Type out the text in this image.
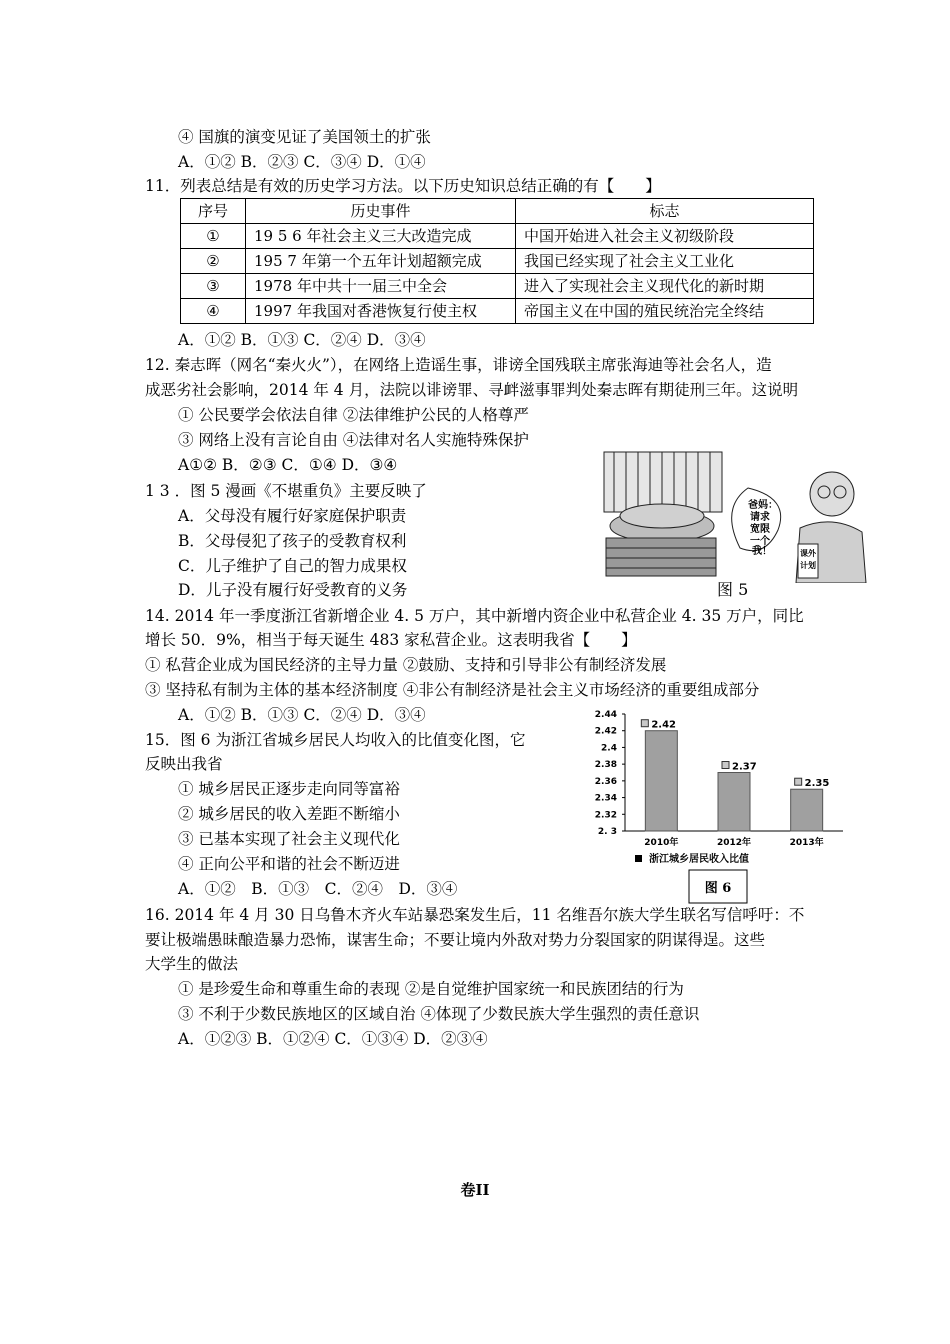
④ 国旗的演变见证了美国领土的扩张
A．①② B．②③ C．③④ D．①④
11．列表总结是有效的历史学习方法。以下历史知识总结正确的有【　　】
序号	历史事件	标志
①	19 5 6 年社会主义三大改造完成	中国开始进入社会主义初级阶段
②	195 7 年第一个五年计划超额完成	我国已经实现了社会主义工业化
③	1978 年中共十一届三中全会	进入了实现社会主义现代化的新时期
④	1997 年我国对香港恢复行使主权	帝国主义在中国的殖民统治完全终结
A．①② B．①③ C．②④ D．③④
12. 秦志晖（网名“秦火火”），在网络上造谣生事，诽谤全国残联主席张海迪等社会名人，造
成恶劣社会影响，2014 年 4 月，法院以诽谤罪、寻衅滋事罪判处秦志晖有期徒刑三年。这说明
① 公民要学会依法自律 ②法律维护公民的人格尊严
③ 网络上没有言论自由 ④法律对名人实施特殊保护
A①② B．②③ C．①④ D．③④
1 3 ．图 5 漫画《不堪重负》主要反映了
A．父母没有履行好家庭保护职责
B．父母侵犯了孩子的受教育权利
C．儿子维护了自己的智力成果权
D．儿子没有履行好受教育的义务
爸妈：请求宽限一个我！	课外计划
图 5
14. 2014 年一季度浙江省新增企业 4. 5 万户，其中新增内资企业中私营企业 4. 35 万户，同比
增长 50．9%，相当于每天诞生 483 家私营企业。这表明我省【　　】
① 私营企业成为国民经济的主导力量 ②鼓励、支持和引导非公有制经济发展
③ 坚持私有制为主体的基本经济制度 ④非公有制经济是社会主义市场经济的重要组成部分
A．①② B．①③ C．②④ D．③④
15．图 6 为浙江省城乡居民人均收入的比值变化图，它
反映出我省
① 城乡居民正逐步走向同等富裕
② 城乡居民的收入差距不断缩小
③ 已基本实现了社会主义现代化
④ 正向公平和谐的社会不断迈进
A．①②　B．①③　C．②④　D．③④
2.44
2.42
2.4
2.38
2.36
2.34
2.32
2. 3
2.42
2010年
2.37
2012年
2.35
2013年
浙江城乡居民收入比值
图 6
16. 2014 年 4 月 30 日乌鲁木齐火车站暴恐案发生后，11 名维吾尔族大学生联名写信呼吁：不
要让极端愚昧酿造暴力恐怖，谋害生命；不要让境内外敌对势力分裂国家的阴谋得逞。这些
大学生的做法
① 是珍爱生命和尊重生命的表现 ②是自觉维护国家统一和民族团结的行为
③ 不利于少数民族地区的区域自治 ④体现了少数民族大学生强烈的责任意识
A．①②③ B．①②④ C．①③④ D．②③④
卷II
